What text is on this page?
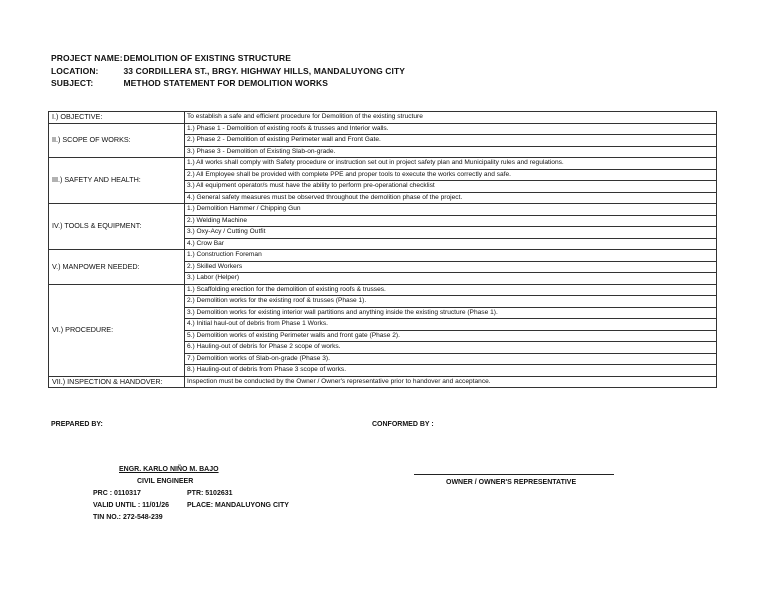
PROJECT NAME: DEMOLITION OF EXISTING STRUCTURE
LOCATION:	33 CORDILLERA ST., BRGY. HIGHWAY HILLS, MANDALUYONG CITY
SUBJECT:	METHOD STATEMENT FOR DEMOLITION WORKS
I.) OBJECTIVE:	To establish a safe and efficient procedure for Demolition of the existing structure
II.) SCOPE OF WORKS:	1.) Phase 1 - Demolition of existing roofs & trusses and Interior walls.
	2.) Phase 2 - Demolition of existing Perimeter wall and Front Gate.
	3.) Phase 3 - Demolition of Existing Slab-on-grade.
III.) SAFETY AND HEALTH:	1.) All works shall comply with Safety procedure or instruction set out in project safety plan and Municipality rules and regulations.
	2.) All Employee shall be provided with complete PPE and proper tools to execute the works correctly and safe.
	3.) All equipment operator/s must have the ability to perform pre-operational checklist
	4.) General safety measures must be observed throughout the demolition phase of the project.
IV.) TOOLS & EQUIPMENT:	1.) Demolition Hammer / Chipping Gun
	2.) Welding Machine
	3.) Oxy-Acy / Cutting Outfit
	4.) Crow Bar
V.) MANPOWER NEEDED:	1.) Construction Foreman
	2.) Skilled Workers
	3.) Labor (Helper)
VI.) PROCEDURE:	1.) Scaffolding erection for the demolition of existing roofs & trusses.
	2.) Demolition works for the existing roof & trusses (Phase 1).
	3.) Demolition works for existing interior wall partitions and anything inside the existing structure (Phase 1).
	4.) Initial haul-out of debris from Phase 1 Works.
	5.) Demolition works of existing Perimeter walls and front gate (Phase 2).
	6.) Hauling-out of debris for Phase 2 scope of works.
	7.) Demolition works of Slab-on-grade (Phase 3).
	8.) Hauling-out of debris from Phase 3 scope of works.
VII.) INSPECTION & HANDOVER:	Inspection must be conducted by the Owner / Owner's representative prior to handover and acceptance.
PREPARED BY:	CONFORMED BY :
ENGR. KARLO NIÑO M. BAJO
CIVIL ENGINEER
PRC : 0110317	PTR: 5102631
VALID UNTIL : 11/01/26	PLACE: MANDALUYONG CITY
TIN NO.: 272-548-239
OWNER / OWNER'S REPRESENTATIVE
